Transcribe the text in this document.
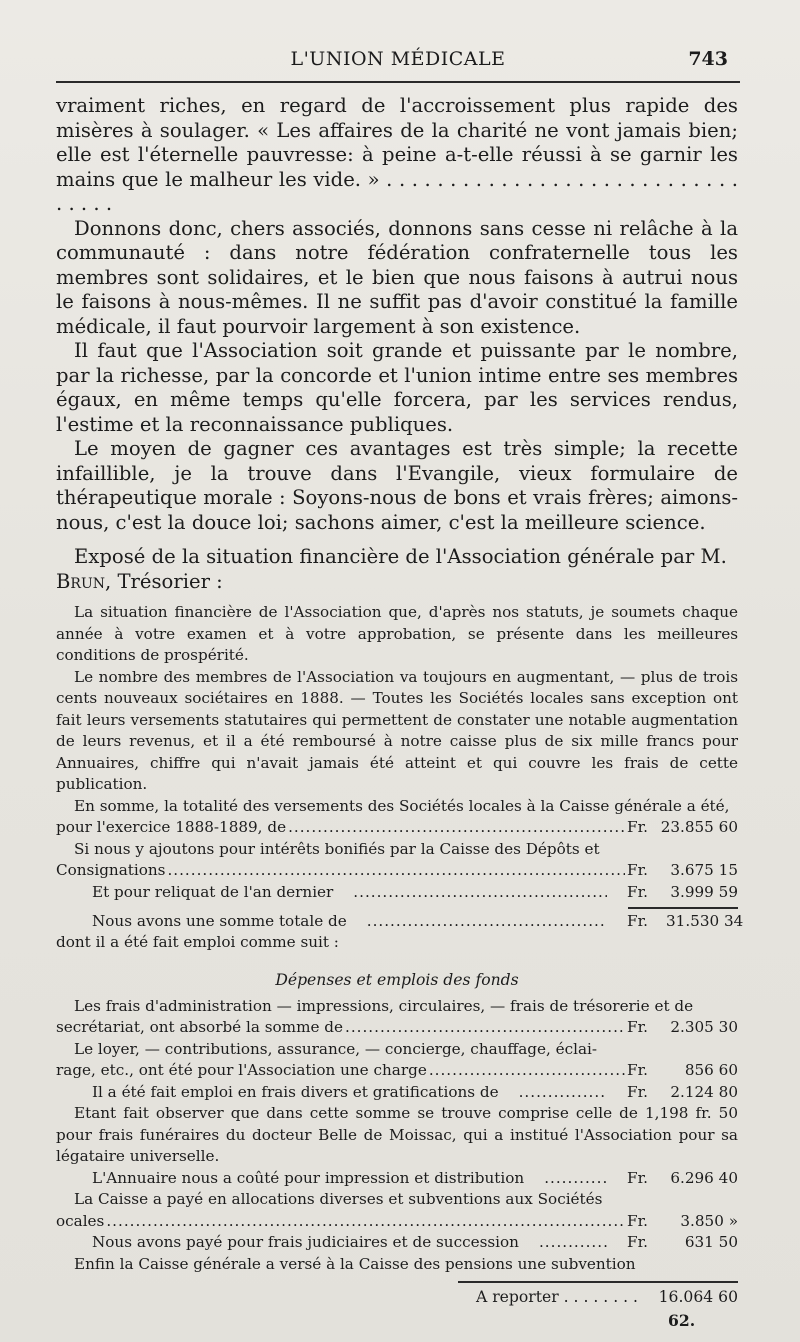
L'UNION MÉDICALE	743

vraiment riches, en regard de l'accroissement plus rapide des misères à soulager. « Les affaires de la charité ne vont jamais bien; elle est l'éternelle pauvresse: à peine a-t-elle réussi à se garnir les mains que le malheur les vide. » . . . . . . . . . . . . . . . . . . . . . . . . . . . . . . . . .

Donnons donc, chers associés, donnons sans cesse ni relâche à la communauté : dans notre fédération confraternelle tous les membres sont solidaires, et le bien que nous faisons à autrui nous le faisons à nous-mêmes. Il ne suffit pas d'avoir constitué la famille médicale, il faut pourvoir largement à son existence.

Il faut que l'Association soit grande et puissante par le nombre, par la richesse, par la concorde et l'union intime entre ses membres égaux, en même temps qu'elle forcera, par les services rendus, l'estime et la reconnaissance publiques.

Le moyen de gagner ces avantages est très simple; la recette infaillible, je la trouve dans l'Evangile, vieux formulaire de thérapeutique morale : Soyons-nous de bons et vrais frères; aimons-nous, c'est la douce loi; sachons aimer, c'est la meilleure science.

Exposé de la situation financière de l'Association générale par M. Brun, Trésorier :

La situation financière de l'Association que, d'après nos statuts, je soumets chaque année à votre examen et à votre approbation, se présente dans les meilleures conditions de prospérité.

Le nombre des membres de l'Association va toujours en augmentant, — plus de trois cents nouveaux sociétaires en 1888. — Toutes les Sociétés locales sans exception ont fait leurs versements statutaires qui permettent de constater une notable augmentation de leurs revenus, et il a été remboursé à notre caisse plus de six mille francs pour Annuaires, chiffre qui n'avait jamais été atteint et qui couvre les frais de cette publication.

En somme, la totalité des versements des Sociétés locales à la Caisse générale a été,

pour l'exercice 1888-1889, de .....	Fr. 23.855 60

Si nous y ajoutons pour intérêts bonifiés par la Caisse des Dépôts et

Consignations .....	Fr.	3.675 15
Et pour reliquat de l'an dernier .....	Fr.	3.999 59
Nous avons une somme totale de .....	Fr.	31.530 34

dont il a été fait emploi comme suit :

Dépenses et emplois des fonds

Les frais d'administration — impressions, circulaires, — frais de trésorerie et de

secrétariat, ont absorbé la somme de .....	Fr.	2.305 30

Le loyer, — contributions, assurance, — concierge, chauffage, éclai-

rage, etc., ont été pour l'Association une charge .....	Fr.	856 60
Il a été fait emploi en frais divers et gratifications de .....	Fr.	2.124 80

Etant fait observer que dans cette somme se trouve comprise celle de 1,198 fr. 50 pour frais funéraires du docteur Belle de Moissac, qui a institué l'Association pour sa légataire universelle.

L'Annuaire nous a coûté pour impression et distribution .....	Fr.	6.296 40

La Caisse a payé en allocations diverses et subventions aux Sociétés

ocales .....	Fr.	3.850 »
Nous avons payé pour frais judiciaires et de succession .....	Fr.	631 50

Enfin la Caisse générale a versé à la Caisse des pensions une subvention

A reporter . . . . . . . .	16.064 60
62.
